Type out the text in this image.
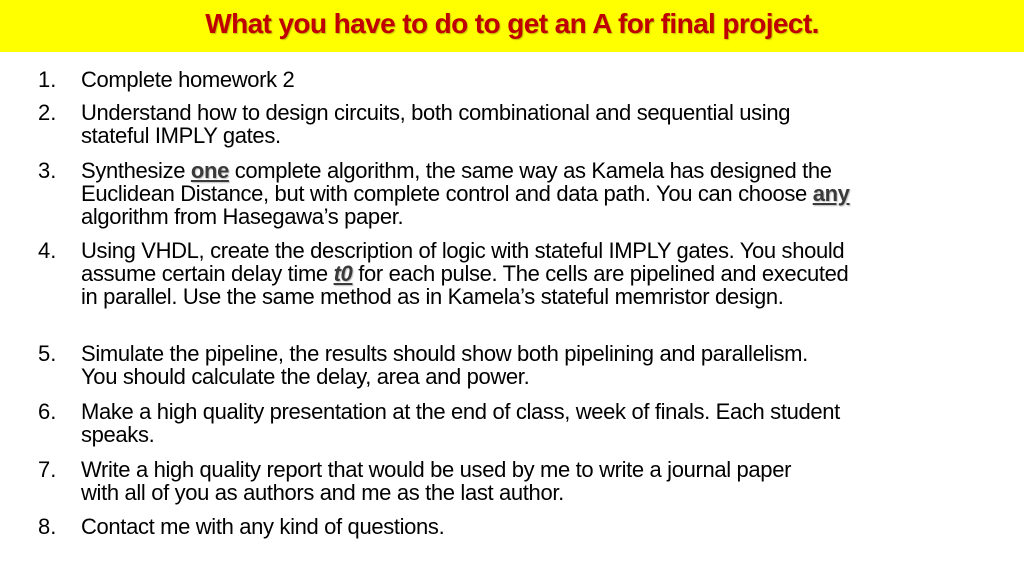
What you have to do to get an A for final project.
1. Complete homework 2
2. Understand how to design circuits, both combinational and sequential using
stateful IMPLY gates.
3. Synthesize one complete algorithm, the same way as Kamela has designed the
Euclidean Distance, but with complete control and data path. You can choose any
algorithm from Hasegawa’s paper.
4. Using VHDL, create the description of logic with stateful IMPLY gates. You should
assume certain delay time t0 for each pulse. The cells are pipelined and executed
in parallel. Use the same method as in Kamela’s stateful memristor design.
5. Simulate the pipeline, the results should show both pipelining and parallelism.
You should calculate the delay, area and power.
6. Make a high quality presentation at the end of class, week of finals. Each student
speaks.
7. Write a high quality report that would be used by me to write a journal paper
with all of you as authors and me as the last author.
8. Contact me with any kind of questions.
